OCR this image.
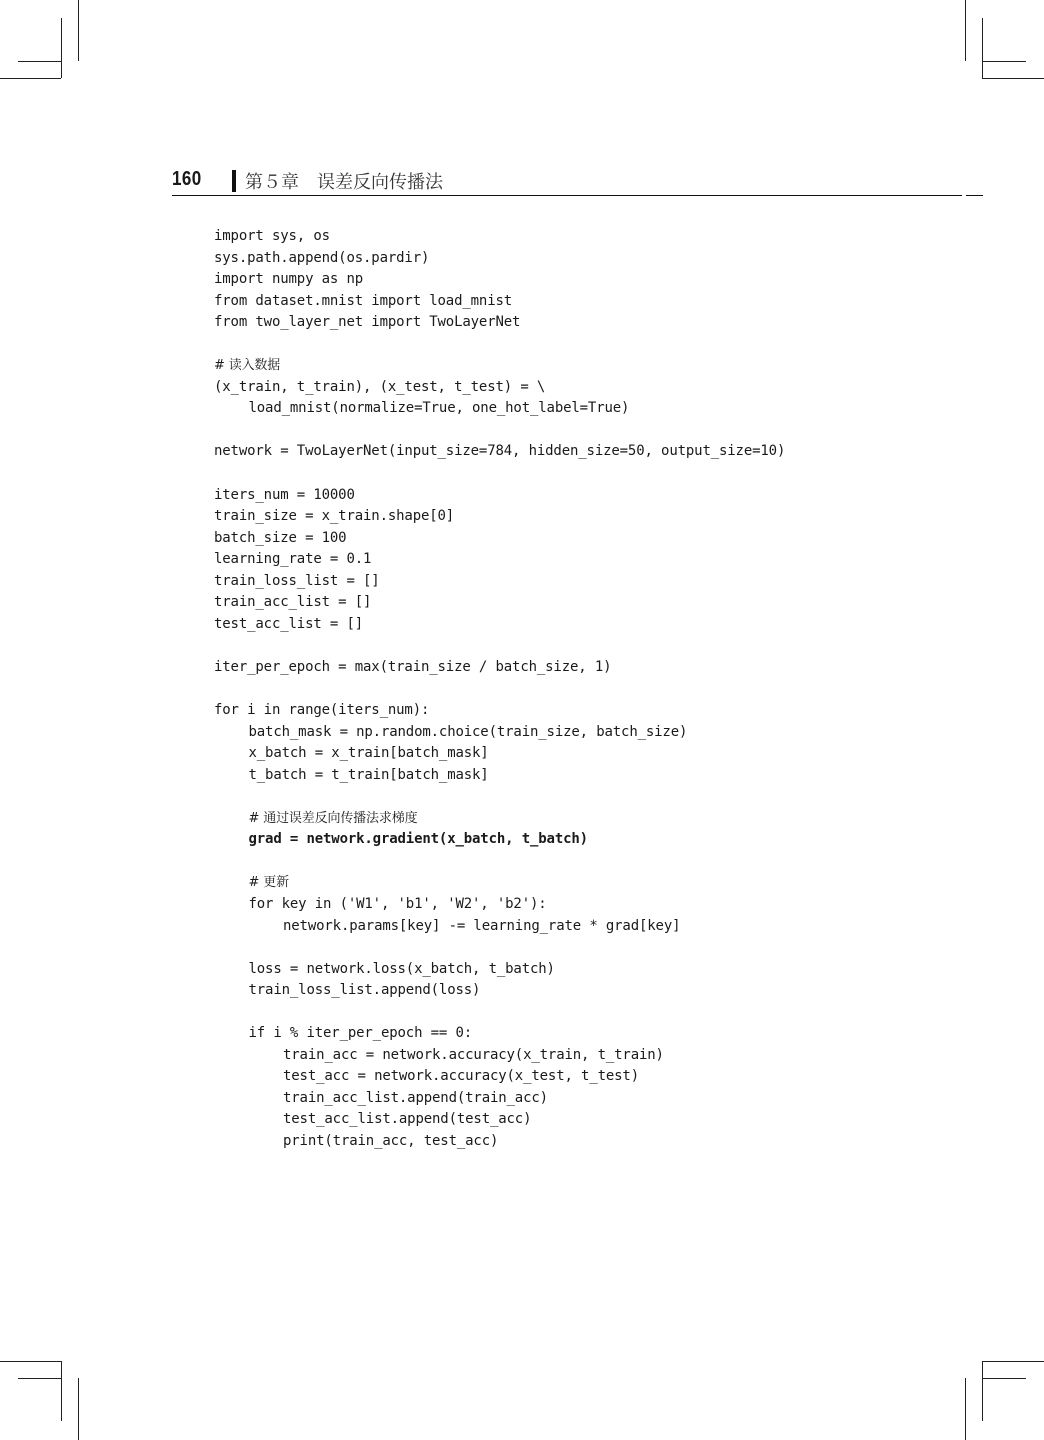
160 第５章　误差反向传播法
import sys, os
sys.path.append(os.pardir)
import numpy as np
from dataset.mnist import load_mnist
from two_layer_net import TwoLayerNet
# 读入数据
(x_train, t_train), (x_test, t_test) = \
load_mnist(normalize=True, one_hot_label=True)
network = TwoLayerNet(input_size=784, hidden_size=50, output_size=10)
iters_num = 10000
train_size = x_train.shape[0]
batch_size = 100
learning_rate = 0.1
train_loss_list = []
train_acc_list = []
test_acc_list = []
iter_per_epoch = max(train_size / batch_size, 1)
for i in range(iters_num):
batch_mask = np.random.choice(train_size, batch_size)
x_batch = x_train[batch_mask]
t_batch = t_train[batch_mask]
# 通过误差反向传播法求梯度
grad = network.gradient(x_batch, t_batch)
# 更新
for key in ('W1', 'b1', 'W2', 'b2'):
network.params[key] -= learning_rate * grad[key]
loss = network.loss(x_batch, t_batch)
train_loss_list.append(loss)
if i % iter_per_epoch == 0:
train_acc = network.accuracy(x_train, t_train)
test_acc = network.accuracy(x_test, t_test)
train_acc_list.append(train_acc)
test_acc_list.append(test_acc)
print(train_acc, test_acc)
